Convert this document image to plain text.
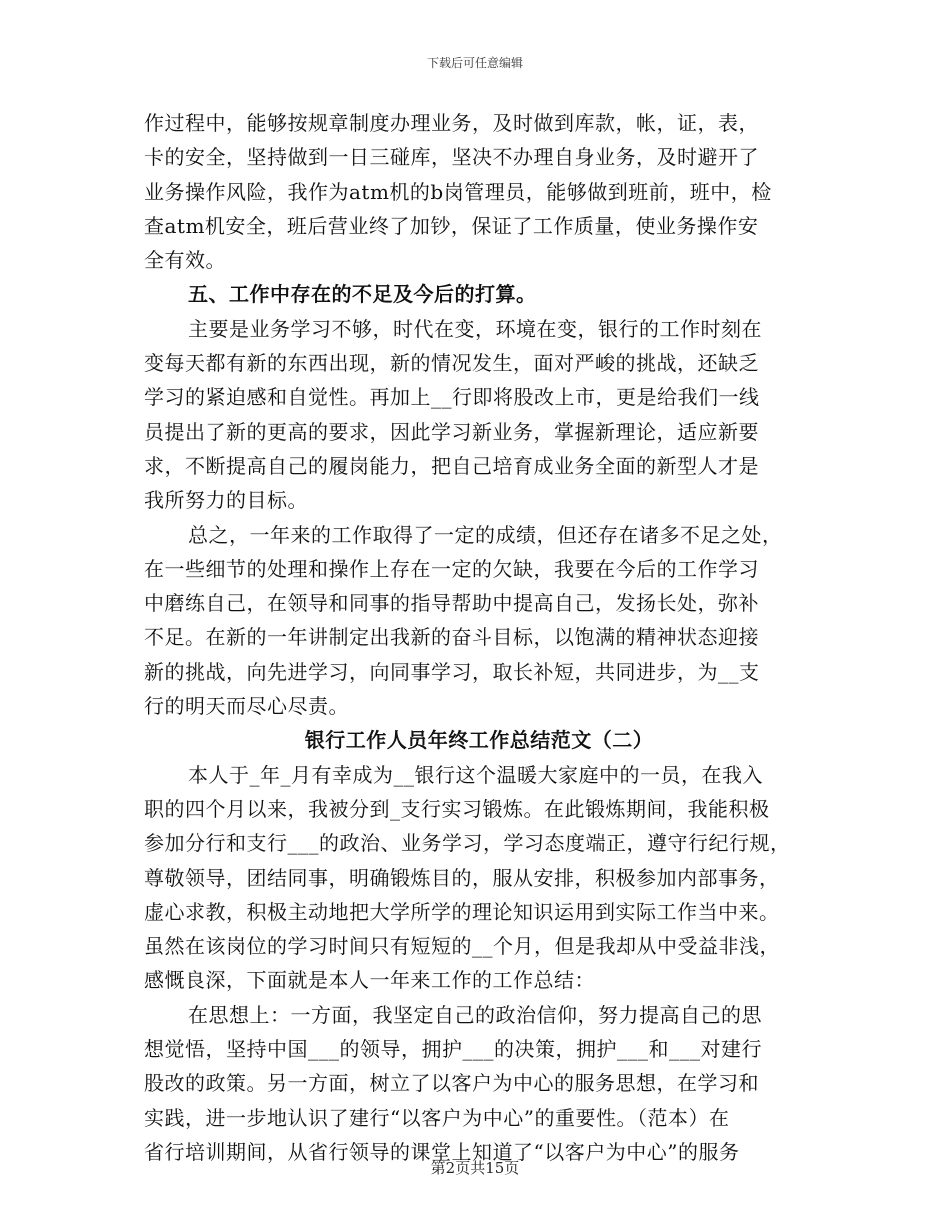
下载后可任意编辑
作过程中，能够按规章制度办理业务，及时做到库款，帐，证，表，
卡的安全，坚持做到一日三碰库，坚决不办理自身业务，及时避开了
业务操作风险，我作为atm机的b岗管理员，能够做到班前，班中，检
查atm机安全，班后营业终了加钞，保证了工作质量，使业务操作安
全有效。
五、工作中存在的不足及今后的打算。
主要是业务学习不够，时代在变，环境在变，银行的工作时刻在
变每天都有新的东西出现，新的情况发生，面对严峻的挑战，还缺乏
学习的紧迫感和自觉性。再加上__行即将股改上市，更是给我们一线
员提出了新的更高的要求，因此学习新业务，掌握新理论，适应新要
求，不断提高自己的履岗能力，把自己培育成业务全面的新型人才是
我所努力的目标。
总之，一年来的工作取得了一定的成绩，但还存在诸多不足之处，
在一些细节的处理和操作上存在一定的欠缺，我要在今后的工作学习
中磨练自己，在领导和同事的指导帮助中提高自己，发扬长处，弥补
不足。在新的一年讲制定出我新的奋斗目标，以饱满的精神状态迎接
新的挑战，向先进学习，向同事学习，取长补短，共同进步，为__支
行的明天而尽心尽责。
银行工作人员年终工作总结范文（二）
本人于_年_月有幸成为__银行这个温暖大家庭中的一员，在我入
职的四个月以来，我被分到_支行实习锻炼。在此锻炼期间，我能积极
参加分行和支行___的政治、业务学习，学习态度端正，遵守行纪行规，
尊敬领导，团结同事，明确锻炼目的，服从安排，积极参加内部事务，
虚心求教，积极主动地把大学所学的理论知识运用到实际工作当中来。
虽然在该岗位的学习时间只有短短的__个月，但是我却从中受益非浅，
感慨良深，下面就是本人一年来工作的工作总结：
在思想上：一方面，我坚定自己的政治信仰，努力提高自己的思
想觉悟，坚持中国___的领导，拥护___的决策，拥护___和___对建行
股改的政策。另一方面，树立了以客户为中心的服务思想，在学习和
实践，进一步地认识了建行“以客户为中心”的重要性。（范本）在
省行培训期间，从省行领导的课堂上知道了“以客户为中心”的服务
第2页共15页
